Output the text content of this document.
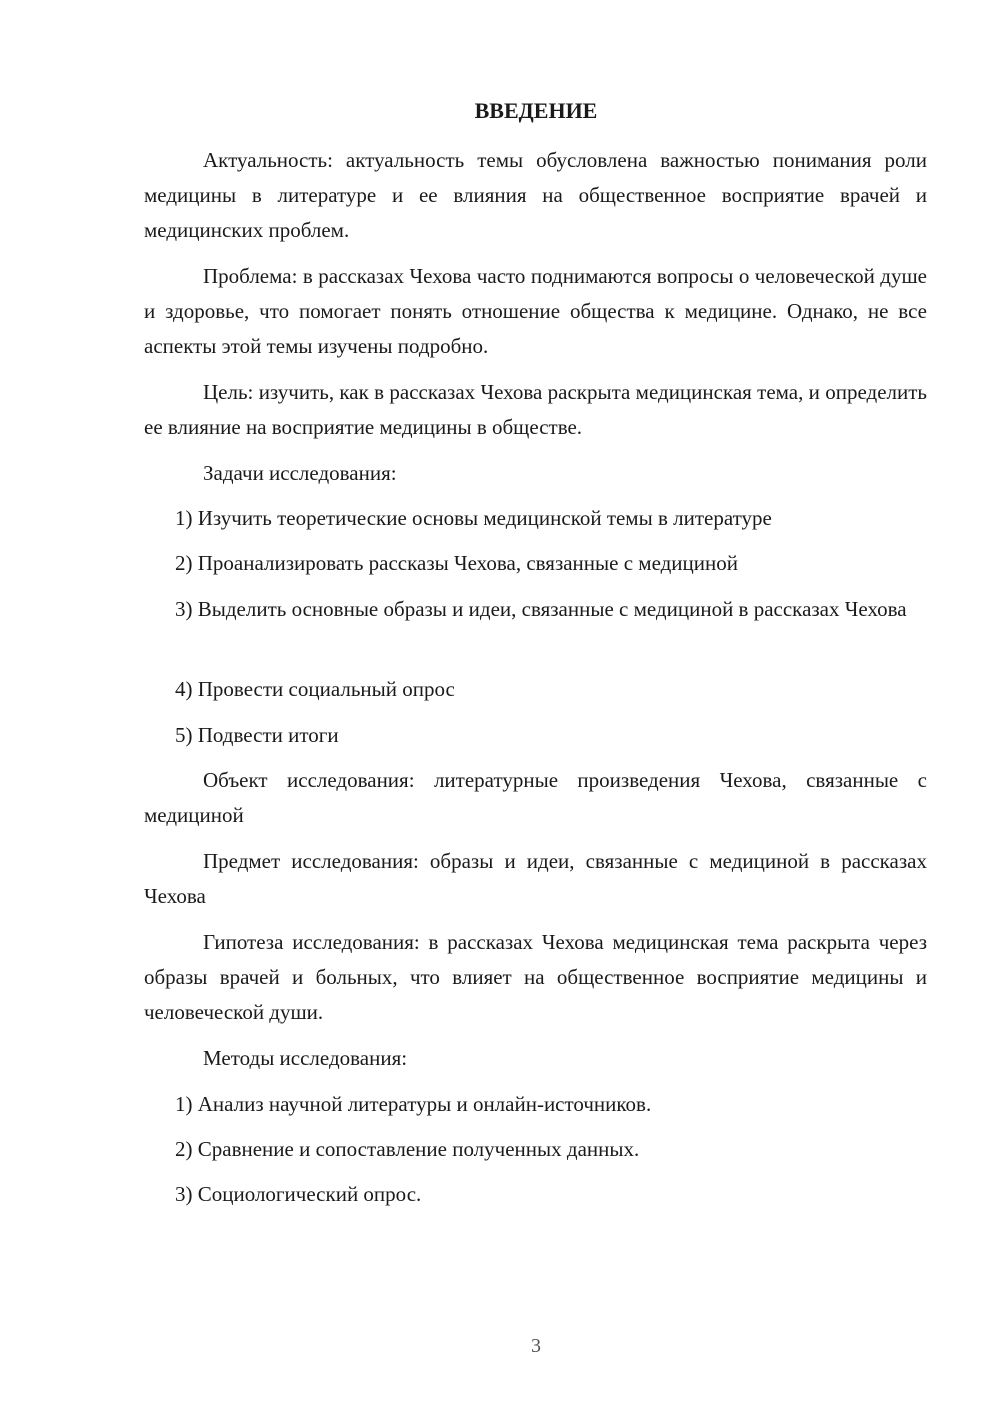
ВВЕДЕНИЕ

Актуальность: актуальность темы обусловлена важностью понимания роли медицины в литературе и ее влияния на общественное восприятие врачей и медицинских проблем.

Проблема: в рассказах Чехова часто поднимаются вопросы о человеческой душе и здоровье, что помогает понять отношение общества к медицине. Однако, не все аспекты этой темы изучены подробно.

Цель: изучить, как в рассказах Чехова раскрыта медицинская тема, и определить ее влияние на восприятие медицины в обществе.

Задачи исследования:

1) Изучить теоретические основы медицинской темы в литературе

2) Проанализировать рассказы Чехова, связанные с медициной

3) Выделить основные образы и идеи, связанные с медициной в рассказах Чехова

4) Провести социальный опрос

5) Подвести итоги

Объект исследования: литературные произведения Чехова, связанные с медициной

Предмет исследования: образы и идеи, связанные с медициной в рассказах Чехова

Гипотеза исследования: в рассказах Чехова медицинская тема раскрыта через образы врачей и больных, что влияет на общественное восприятие медицины и человеческой души.

Методы исследования:

1) Анализ научной литературы и онлайн-источников.

2) Сравнение и сопоставление полученных данных.

3) Социологический опрос.

3
